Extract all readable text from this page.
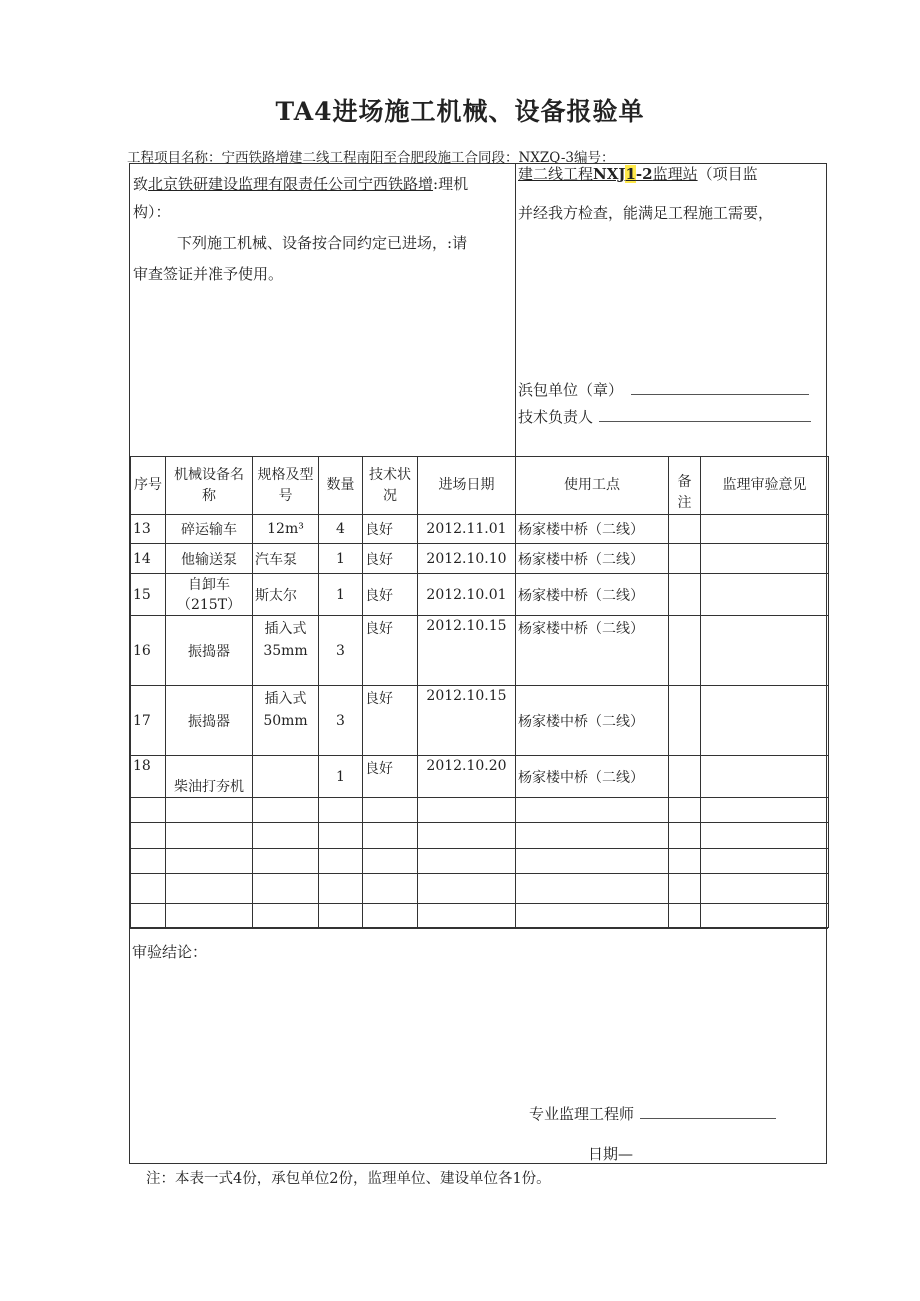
TA4进场施工机械、设备报验单
工程项目名称：宁西铁路增建二线工程南阳至合肥段施工合同段：NXZQ-3编号：
致北京铁研建设监理有限责任公司宁西铁路增:理机
构）：
下列施工机械、设备按合同约定已进场，:请
审查签证并准予使用。
建二线工程NXJ1-2监理站（项目监
并经我方检查，能满足工程施工需要，
浜包单位（章）
技术负责人
序号	机械设备名称	规格及型号	数量	技术状况	进场日期	使用工点	备注	监理审验意见
13	碎运输车	12m³	4	良好	2012.11.01	杨家楼中桥（二线）		
14	他输送泵	汽车泵	1	良好	2012.10.10	杨家楼中桥（二线）		
15	自卸车（215T）	斯太尔	1	良好	2012.10.01	杨家楼中桥（二线）		
16	振捣器	插入式35mm	3	良好	2012.10.15	杨家楼中桥（二线）		
17	振捣器	插入式50mm	3	良好	2012.10.15	杨家楼中桥（二线）		
18	柴油打夯机		1	良好	2012.10.20	杨家楼中桥（二线）		

审验结论：
专业监理工程师
日期—
注：本表一式4份，承包单位2份，监理单位、建设单位各1份。
